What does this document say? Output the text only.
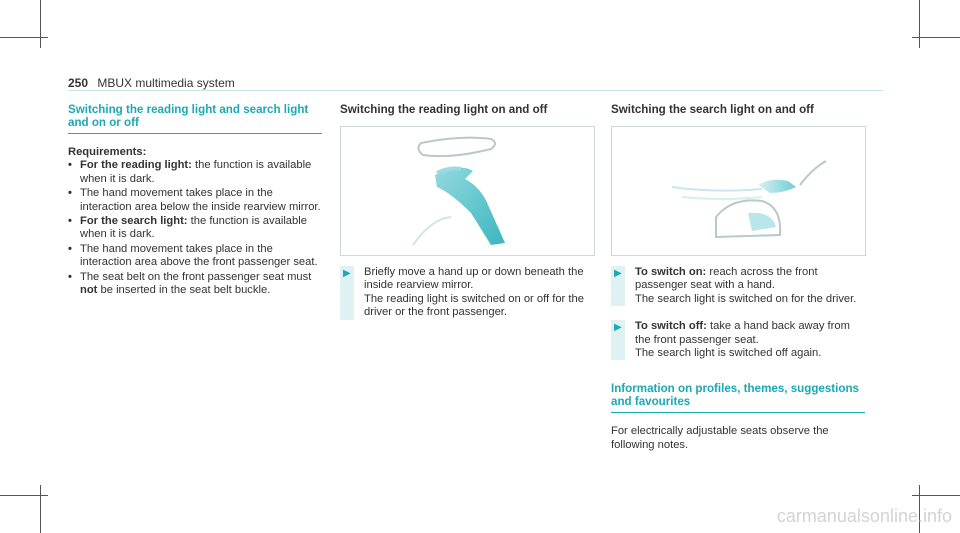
250 MBUX multimedia system
Switching the reading light and search light and on or off
Requirements:
• For the reading light: the function is available when it is dark.
• The hand movement takes place in the interaction area below the inside rearview mirror.
• For the search light: the function is available when it is dark.
• The hand movement takes place in the interaction area above the front passenger seat.
• The seat belt on the front passenger seat must not be inserted in the seat belt buckle.
Switching the reading light on and off
▶ Briefly move a hand up or down beneath the inside rearview mirror.
The reading light is switched on or off for the driver or the front passenger.
Switching the search light on and off
▶ To switch on: reach across the front passenger seat with a hand.
The search light is switched on for the driver.
▶ To switch off: take a hand back away from the front passenger seat.
The search light is switched off again.
Information on profiles, themes, suggestions and favourites
For electrically adjustable seats observe the following notes.
carmanualsonline.info
